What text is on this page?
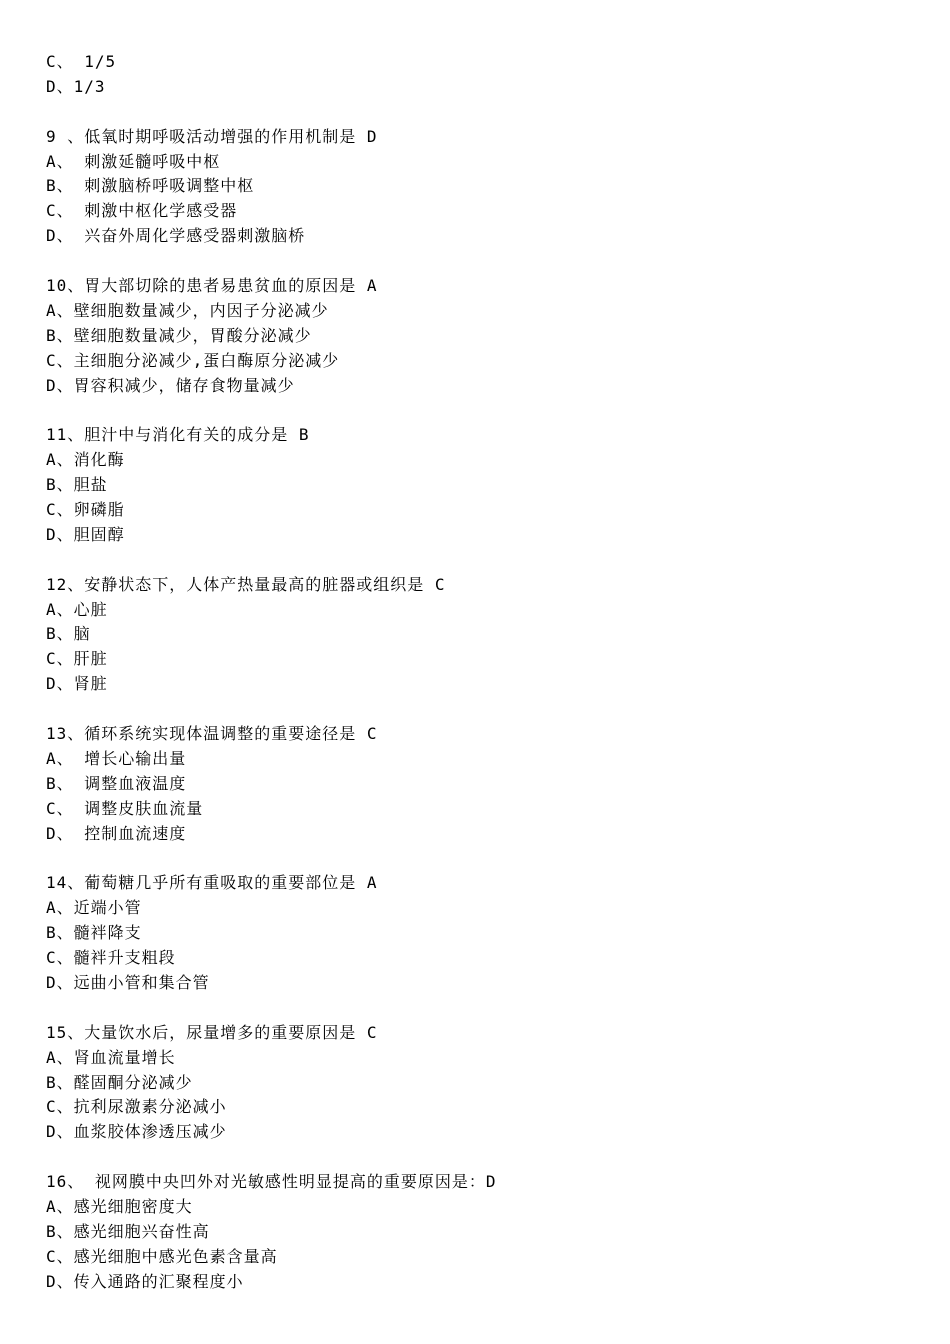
C、 1/5
D、1/3
9 、低氧时期呼吸活动增强的作用机制是 D
A、 刺激延髓呼吸中枢
B、 刺激脑桥呼吸调整中枢
C、 刺激中枢化学感受器
D、 兴奋外周化学感受器刺激脑桥
10、胃大部切除的患者易患贫血的原因是 A
A、壁细胞数量减少，内因子分泌减少
B、壁细胞数量减少，胃酸分泌减少
C、主细胞分泌减少,蛋白酶原分泌减少
D、胃容积减少，储存食物量减少
11、胆汁中与消化有关的成分是 B
A、消化酶
B、胆盐
C、卵磷脂
D、胆固醇
12、安静状态下，人体产热量最高的脏器或组织是 C
A、心脏
B、脑
C、肝脏
D、肾脏
13、循环系统实现体温调整的重要途径是 C
A、 增长心输出量
B、 调整血液温度
C、 调整皮肤血流量
D、 控制血流速度
14、葡萄糖几乎所有重吸取的重要部位是 A
A、近端小管
B、髓袢降支
C、髓袢升支粗段
D、远曲小管和集合管
15、大量饮水后，尿量增多的重要原因是 C
A、肾血流量增长
B、醛固酮分泌减少
C、抗利尿激素分泌减小
D、血浆胶体渗透压减少
16、 视网膜中央凹外对光敏感性明显提高的重要原因是：D
A、感光细胞密度大
B、感光细胞兴奋性高
C、感光细胞中感光色素含量高
D、传入通路的汇聚程度小
